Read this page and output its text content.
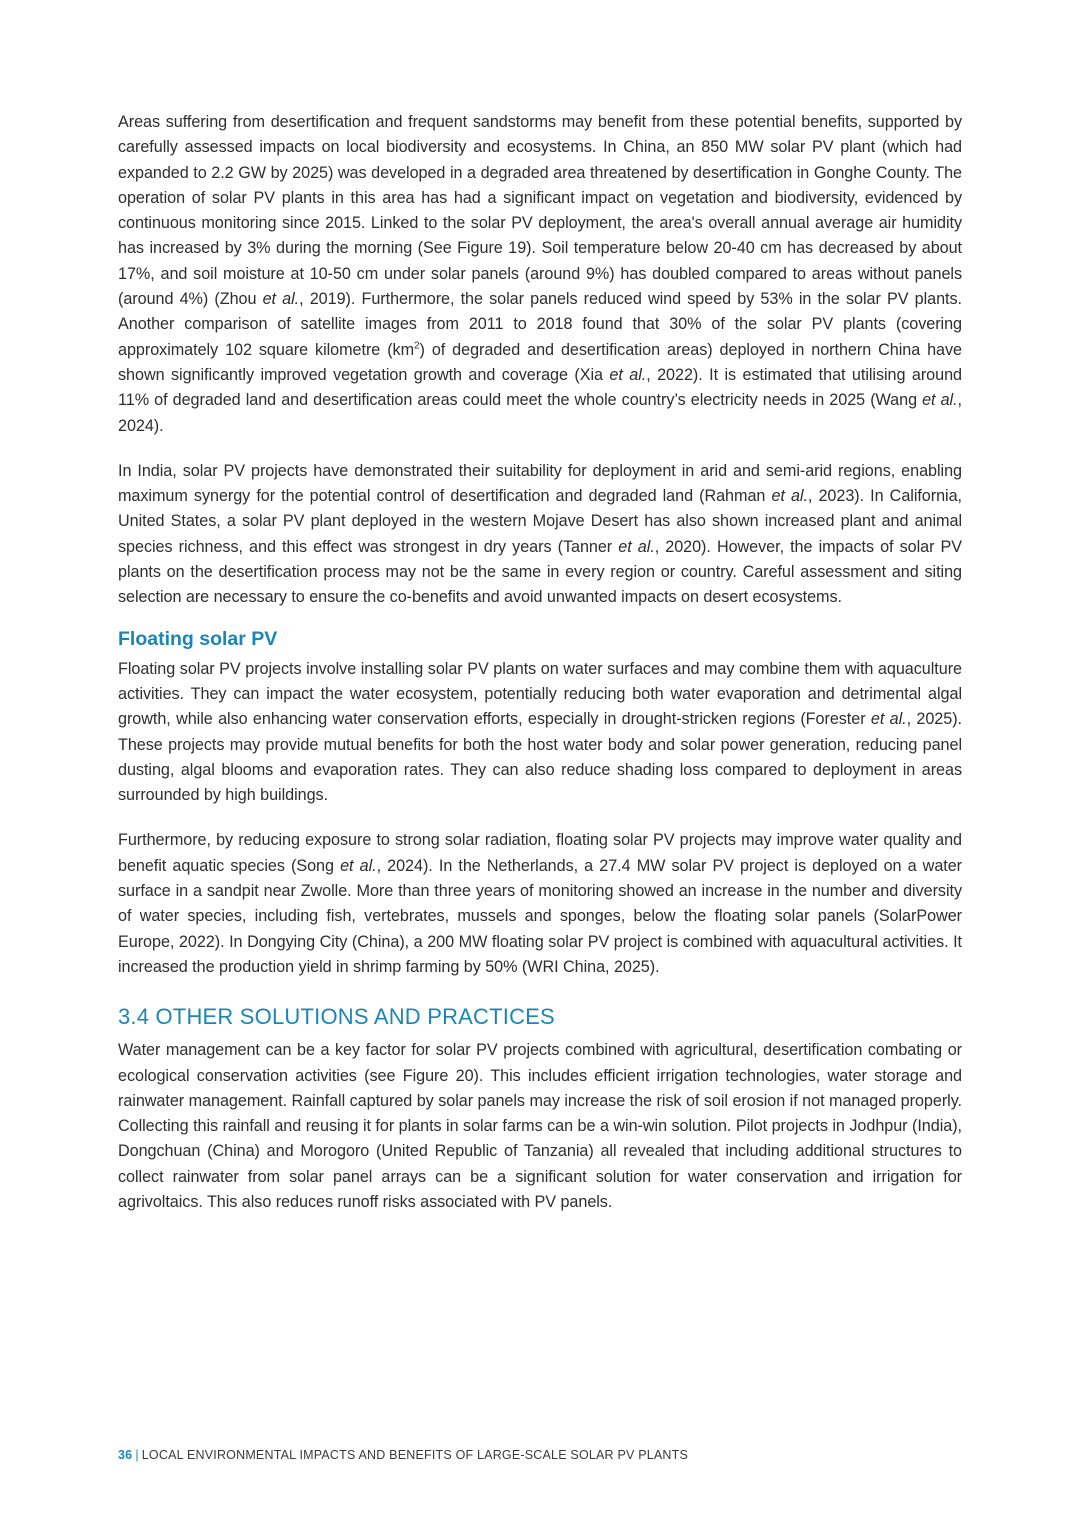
Areas suffering from desertification and frequent sandstorms may benefit from these potential benefits, supported by carefully assessed impacts on local biodiversity and ecosystems. In China, an 850 MW solar PV plant (which had expanded to 2.2 GW by 2025) was developed in a degraded area threatened by desertification in Gonghe County. The operation of solar PV plants in this area has had a significant impact on vegetation and biodiversity, evidenced by continuous monitoring since 2015. Linked to the solar PV deployment, the area's overall annual average air humidity has increased by 3% during the morning (See Figure 19). Soil temperature below 20-40 cm has decreased by about 17%, and soil moisture at 10-50 cm under solar panels (around 9%) has doubled compared to areas without panels (around 4%) (Zhou et al., 2019). Furthermore, the solar panels reduced wind speed by 53% in the solar PV plants. Another comparison of satellite images from 2011 to 2018 found that 30% of the solar PV plants (covering approximately 102 square kilometre $(km^2)$ of degraded and desertification areas) deployed in northern China have shown significantly improved vegetation growth and coverage (Xia et al., 2022). It is estimated that utilising around 11% of degraded land and desertification areas could meet the whole country’s electricity needs in 2025 (Wang et al., 2024).

In India, solar PV projects have demonstrated their suitability for deployment in arid and semi-arid regions, enabling maximum synergy for the potential control of desertification and degraded land (Rahman et al., 2023). In California, United States, a solar PV plant deployed in the western Mojave Desert has also shown increased plant and animal species richness, and this effect was strongest in dry years (Tanner et al., 2020). However, the impacts of solar PV plants on the desertification process may not be the same in every region or country. Careful assessment and siting selection are necessary to ensure the co-benefits and avoid unwanted impacts on desert ecosystems.

Floating solar PV

Floating solar PV projects involve installing solar PV plants on water surfaces and may combine them with aquaculture activities. They can impact the water ecosystem, potentially reducing both water evaporation and detrimental algal growth, while also enhancing water conservation efforts, especially in drought-stricken regions (Forester et al., 2025). These projects may provide mutual benefits for both the host water body and solar power generation, reducing panel dusting, algal blooms and evaporation rates. They can also reduce shading loss compared to deployment in areas surrounded by high buildings.

Furthermore, by reducing exposure to strong solar radiation, floating solar PV projects may improve water quality and benefit aquatic species (Song et al., 2024). In the Netherlands, a 27.4 MW solar PV project is deployed on a water surface in a sandpit near Zwolle. More than three years of monitoring showed an increase in the number and diversity of water species, including fish, vertebrates, mussels and sponges, below the floating solar panels (SolarPower Europe, 2022). In Dongying City (China), a 200 MW floating solar PV project is combined with aquacultural activities. It increased the production yield in shrimp farming by 50% (WRI China, 2025).

3.4 OTHER SOLUTIONS AND PRACTICES

Water management can be a key factor for solar PV projects combined with agricultural, desertification combating or ecological conservation activities (see Figure 20). This includes efficient irrigation technologies, water storage and rainwater management. Rainfall captured by solar panels may increase the risk of soil erosion if not managed properly. Collecting this rainfall and reusing it for plants in solar farms can be a win-win solution. Pilot projects in Jodhpur (India), Dongchuan (China) and Morogoro (United Republic of Tanzania) all revealed that including additional structures to collect rainwater from solar panel arrays can be a significant solution for water conservation and irrigation for agrivoltaics. This also reduces runoff risks associated with PV panels.

36 | LOCAL ENVIRONMENTAL IMPACTS AND BENEFITS OF LARGE-SCALE SOLAR PV PLANTS
